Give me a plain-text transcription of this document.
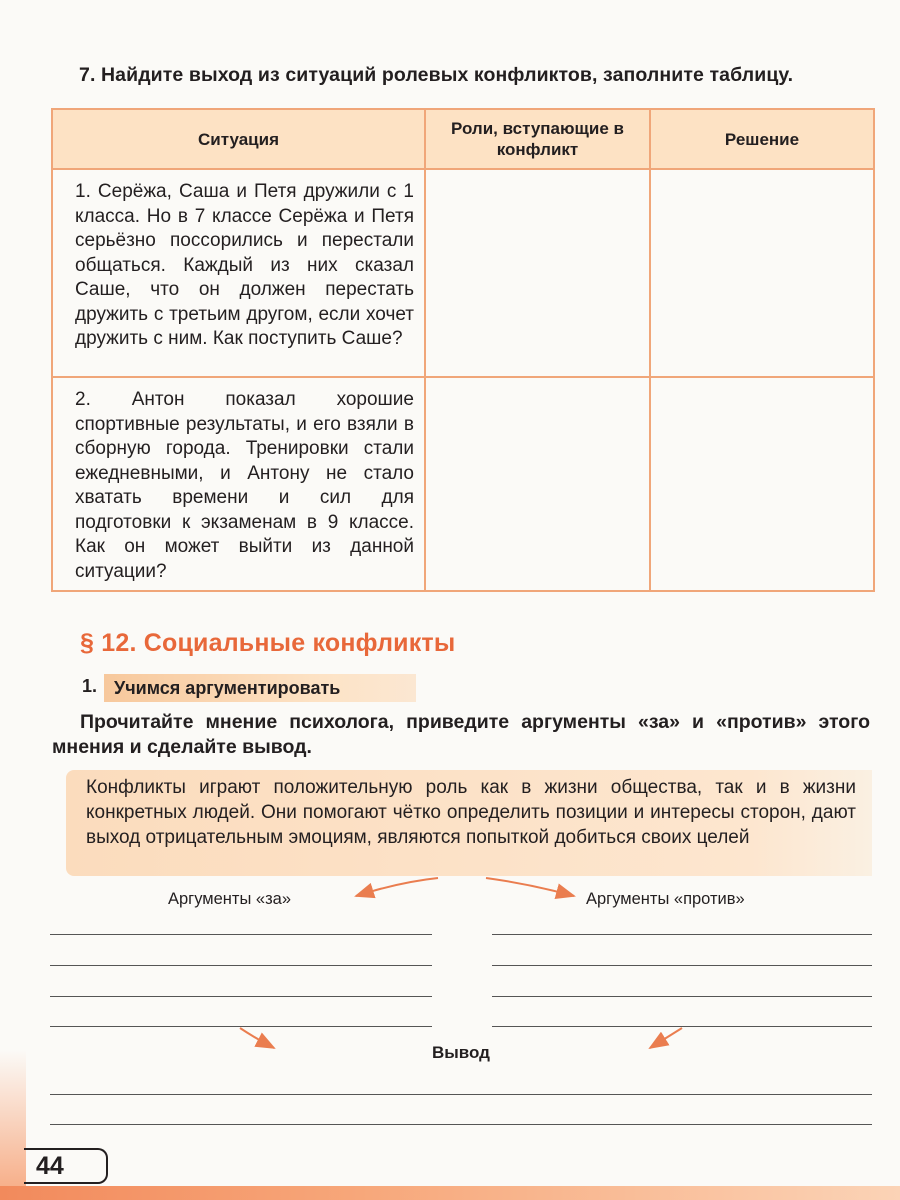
7. Найдите выход из ситуаций ролевых конфликтов, заполните таблицу.
Ситуация	Роли, вступающие в конфликт	Решение
1. Серёжа, Саша и Петя дружили с 1 класса. Но в 7 классе Серёжа и Петя серьёзно поссорились и перестали общаться. Каждый из них сказал Саше, что он должен перестать дружить с третьим другом, если хочет дружить с ним. Как поступить Саше?		
2. Антон показал хорошие спортивные результаты, и его взяли в сборную города. Тренировки стали ежедневными, и Антону не стало хватать времени и сил для подготовки к экзаменам в 9 классе. Как он может выйти из данной ситуации?		
§ 12. Социальные конфликты
1. Учимся аргументировать
Прочитайте мнение психолога, приведите аргументы «за» и «против» этого мнения и сделайте вывод.
Конфликты играют положительную роль как в жизни общества, так и в жизни конкретных людей. Они помогают чётко определить позиции и интересы сторон, дают выход отрицательным эмоциям, являются попыткой добиться своих целей
Аргументы «за»	Аргументы «против»
Вывод
44
